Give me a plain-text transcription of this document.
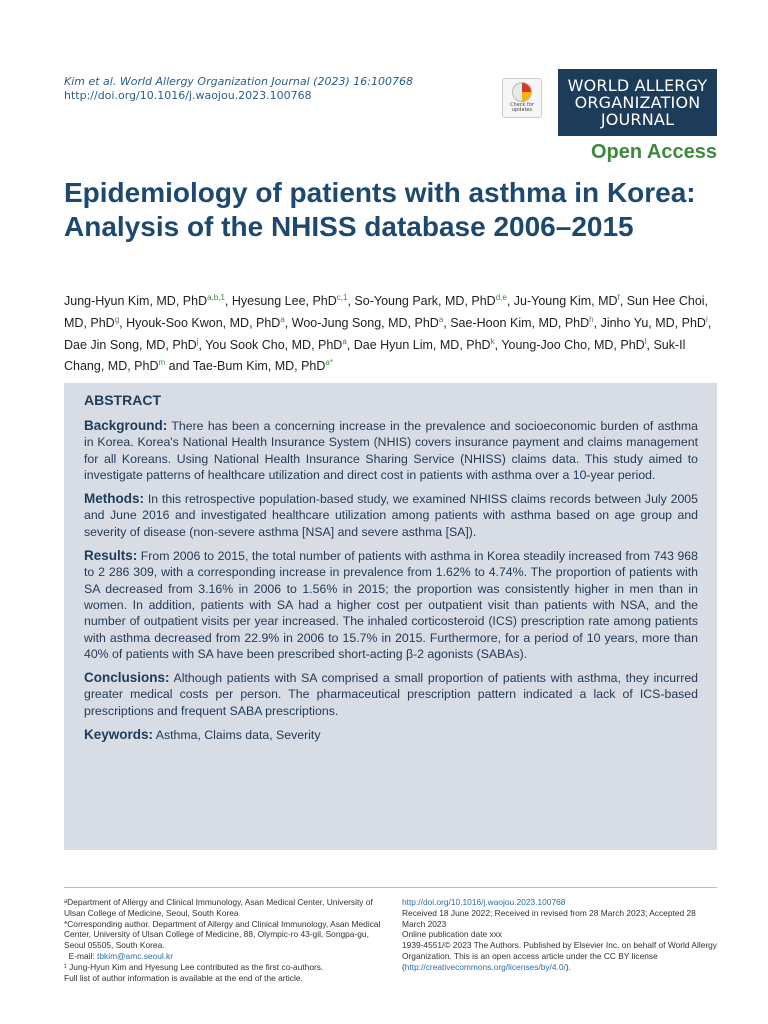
Kim et al. World Allergy Organization Journal (2023) 16:100768
http://doi.org/10.1016/j.waojou.2023.100768
Check for updates
WORLD ALLERGY
ORGANIZATION
JOURNAL
Open Access
Epidemiology of patients with asthma in Korea: Analysis of the NHISS database 2006–2015
Jung-Hyun Kim, MD, PhD$^{a,b,1}$, Hyesung Lee, PhD$^{c,1}$, So-Young Park, MD, PhD$^{d,e}$, Ju-Young Kim, $MD^f$, Sun Hee Choi, MD, PhD$^g$, Hyouk-Soo Kwon, MD, PhD$^a$, Woo-Jung Song, MD, PhD$^a$, Sae-Hoon Kim, MD, PhD$^h$, Jinho Yu, MD, PhD$^i$, Dae Jin Song, MD, PhD$^j$, You Sook Cho, MD, PhD$^a$, Dae Hyun Lim, MD, PhD$^k$, Young-Joo Cho, MD, PhD$^l$, Suk-Il Chang, MD, PhD$^m$ and Tae-Bum Kim, MD, PhD$^{a*}$
ABSTRACT

Background: There has been a concerning increase in the prevalence and socioeconomic burden of asthma in Korea. Korea's National Health Insurance System (NHIS) covers insurance payment and claims management for all Koreans. Using National Health Insurance Sharing Service (NHISS) claims data. This study aimed to investigate patterns of healthcare utilization and direct cost in patients with asthma over a 10-year period.

Methods: In this retrospective population-based study, we examined NHISS claims records between July 2005 and June 2016 and investigated healthcare utilization among patients with asthma based on age group and severity of disease (non-severe asthma [NSA] and severe asthma [SA]).

Results: From 2006 to 2015, the total number of patients with asthma in Korea steadily increased from 743 968 to 2 286 309, with a corresponding increase in prevalence from 1.62% to 4.74%. The proportion of patients with SA decreased from 3.16% in 2006 to 1.56% in 2015; the proportion was consistently higher in men than in women. In addition, patients with SA had a higher cost per outpatient visit than patients with NSA, and the number of outpatient visits per year increased. The inhaled corticosteroid (ICS) prescription rate among patients with asthma decreased from 22.9% in 2006 to 15.7% in 2015. Furthermore, for a period of 10 years, more than 40% of patients with SA have been prescribed short-acting β-2 agonists (SABAs).

Conclusions: Although patients with SA comprised a small proportion of patients with asthma, they incurred greater medical costs per person. The pharmaceutical prescription pattern indicated a lack of ICS-based prescriptions and frequent SABA prescriptions.

Keywords: Asthma, Claims data, Severity

ᵃDepartment of Allergy and Clinical Immunology, Asan Medical Center, University of Ulsan College of Medicine, Seoul, South Korea
*Corresponding author. Department of Allergy and Clinical Immunology, Asan Medical Center, University of Ulsan College of Medicine, 88, Olympic-ro 43-gil, Songpa-gu, Seoul 05505, South Korea.
E-mail: tbkim@amc.seoul.kr
¹ Jung-Hyun Kim and Hyesung Lee contributed as the first co-authors.
Full list of author information is available at the end of the article.
http://doi.org/10.1016/j.waojou.2023.100768
Received 18 June 2022; Received in revised from 28 March 2023; Accepted 28 March 2023
Online publication date xxx
1939-4551/© 2023 The Authors. Published by Elsevier Inc. on behalf of World Allergy Organization. This is an open access article under the CC BY license (http://creativecommons.org/licenses/by/4.0/).
